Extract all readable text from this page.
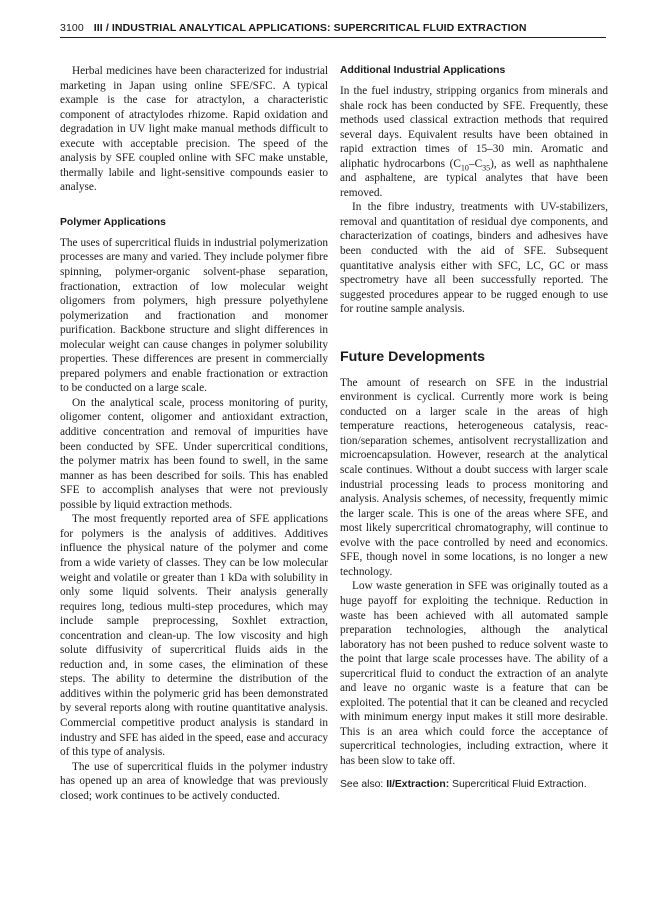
3100 III / INDUSTRIAL ANALYTICAL APPLICATIONS: SUPERCRITICAL FLUID EXTRACTION

Herbal medicines have been characterized for industrial marketing in Japan using online SFE/SFC. A typical example is the case for atractylon, a characteristic component of atractylodes rhizome. Rapid oxidation and degradation in UV light make manual methods difficult to execute with acceptable precision. The speed of the analysis by SFE coupled online with SFC make unstable, thermally labile and light-sensitive compounds easier to analyse.

Polymer Applications

The uses of supercritical fluids in industrial polymerization processes are many and varied. They include polymer fibre spinning, polymer-organic solvent-phase separation, fractionation, extraction of low molecular weight oligomers from polymers, high pressure polyethylene polymerization and fractionation and monomer purification. Backbone structure and slight differences in molecular weight can cause changes in polymer solubility properties. These differences are present in commercially prepared polymers and enable fractionation or extraction to be conducted on a large scale.

On the analytical scale, process monitoring of purity, oligomer content, oligomer and antioxidant extraction, additive concentration and removal of impurities have been conducted by SFE. Under supercritical conditions, the polymer matrix has been found to swell, in the same manner as has been described for soils. This has enabled SFE to accomplish analyses that were not previously possible by liquid extraction methods.

The most frequently reported area of SFE applications for polymers is the analysis of additives. Additives influence the physical nature of the polymer and come from a wide variety of classes. They can be low molecular weight and volatile or greater than 1 kDa with solubility in only some liquid solvents. Their analysis generally requires long, tedious multi-step procedures, which may include sample preprocessing, Soxhlet extraction, concentration and clean-up. The low viscosity and high solute diffusivity of supercritical fluids aids in the reduction and, in some cases, the elimination of these steps. The ability to determine the distribution of the additives within the polymeric grid has been demonstrated by several reports along with routine quantitative analysis. Commercial competitive product analysis is standard in industry and SFE has aided in the speed, ease and accuracy of this type of analysis.

The use of supercritical fluids in the polymer industry has opened up an area of knowledge that was previously closed; work continues to be actively conducted.

Additional Industrial Applications

In the fuel industry, stripping organics from minerals and shale rock has been conducted by SFE. Frequently, these methods used classical extraction methods that required several days. Equivalent results have been obtained in rapid extraction times of 15–30 min. Aromatic and aliphatic hydrocarbons $(C_{10}-C_{35})$, as well as naphthalene and asphaltene, are typical analytes that have been removed.

In the fibre industry, treatments with UV-stabilizers, removal and quantitation of residual dye components, and characterization of coatings, binders and adhesives have been conducted with the aid of SFE. Subsequent quantitative analysis either with SFC, LC, GC or mass spectrometry have all been successfully reported. The suggested procedures appear to be rugged enough to use for routine sample analysis.

Future Developments

The amount of research on SFE in the industrial environment is cyclical. Currently more work is being conducted on a larger scale in the areas of high temperature reactions, heterogeneous catalysis, reaction/separation schemes, antisolvent recrystallization and microencapsulation. However, research at the analytical scale continues. Without a doubt success with larger scale industrial processing leads to process monitoring and analysis. Analysis schemes, of necessity, frequently mimic the larger scale. This is one of the areas where SFE, and most likely supercritical chromatography, will continue to evolve with the pace controlled by need and economics. SFE, though novel in some locations, is no longer a new technology.

Low waste generation in SFE was originally touted as a huge payoff for exploiting the technique. Reduction in waste has been achieved with all automated sample preparation technologies, although the analytical laboratory has not been pushed to reduce solvent waste to the point that large scale processes have. The ability of a supercritical fluid to conduct the extraction of an analyte and leave no organic waste is a feature that can be exploited. The potential that it can be cleaned and recycled with minimum energy input makes it still more desirable. This is an area which could force the acceptance of supercritical technologies, including extraction, where it has been slow to take off.

See also: II/Extraction: Supercritical Fluid Extraction.
